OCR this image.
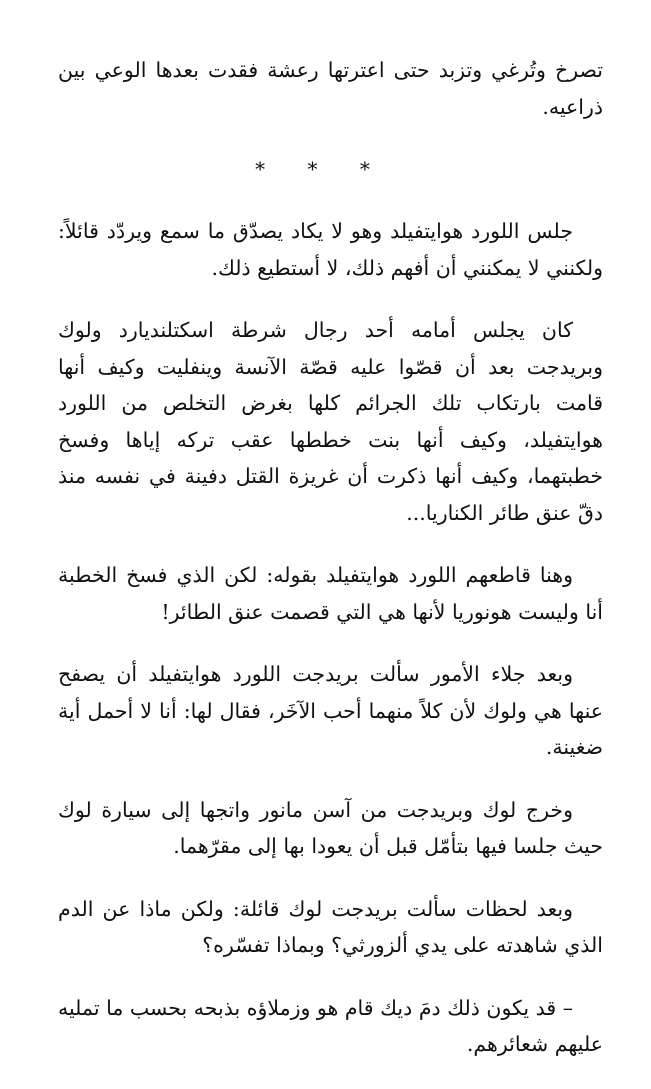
تصرخ وتُرغي وتزبد حتى اعترتها رعشة فقدت بعدها الوعي بين ذراعيه.

* * *

جلس اللورد هوايتفيلد وهو لا يكاد يصدّق ما سمع ويردّد قائلاً: ولكنني لا يمكنني أن أفهم ذلك، لا أستطيع ذلك.

كان يجلس أمامه أحد رجال شرطة اسكتلنديارد ولوك وبريدجت بعد أن قصّوا عليه قصّة الآنسة وينفليت وكيف أنها قامت بارتكاب تلك الجرائم كلها بغرض التخلص من اللورد هوايتفيلد، وكيف أنها بنت خططها عقب تركه إياها وفسخ خطبتهما، وكيف أنها ذكرت أن غريزة القتل دفينة في نفسه منذ دقّ عنق طائر الكناريا...

وهنا قاطعهم اللورد هوايتفيلد بقوله: لكن الذي فسخ الخطبة أنا وليست هونوريا لأنها هي التي قصمت عنق الطائر!

وبعد جلاء الأمور سألت بريدجت اللورد هوايتفيلد أن يصفح عنها هي ولوك لأن كلاً منهما أحب الآخَر، فقال لها: أنا لا أحمل أية ضغينة.

وخرج لوك وبريدجت من آسن مانور واتجها إلى سيارة لوك حيث جلسا فيها بتأمّل قبل أن يعودا بها إلى مقرّهما.

وبعد لحظات سألت بريدجت لوك قائلة: ولكن ماذا عن الدم الذي شاهدته على يدي ألزورثي؟ وبماذا تفسّره؟

– قد يكون ذلك دمَ ديك قام هو وزملاؤه بذبحه بحسب ما تمليه عليهم شعائرهم.
